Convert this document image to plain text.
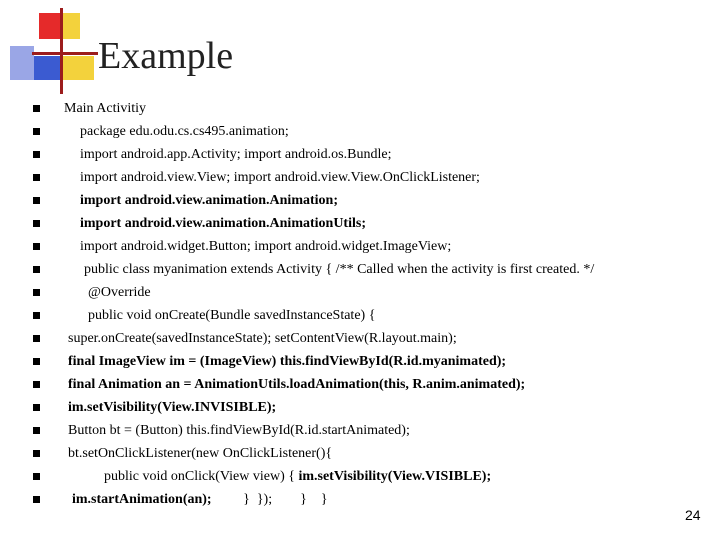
Example
Main Activitiy
package edu.odu.cs.cs495.animation;
import android.app.Activity; import android.os.Bundle;
import android.view.View; import android.view.View.OnClickListener;
import android.view.animation.Animation;
import android.view.animation.AnimationUtils;
import android.widget.Button; import android.widget.ImageView;
public class myanimation extends Activity { /** Called when the activity is first created. */
@Override
public void onCreate(Bundle savedInstanceState) {
super.onCreate(savedInstanceState); setContentView(R.layout.main);
final ImageView im = (ImageView) this.findViewById(R.id.myanimated);
final Animation an = AnimationUtils.loadAnimation(this, R.anim.animated);
im.setVisibility(View.INVISIBLE);
Button bt = (Button) this.findViewById(R.id.startAnimated);
bt.setOnClickListener(new OnClickListener(){
public void onClick(View view) { im.setVisibility(View.VISIBLE);
im.startAnimation(an);         }  });        }    }
24
